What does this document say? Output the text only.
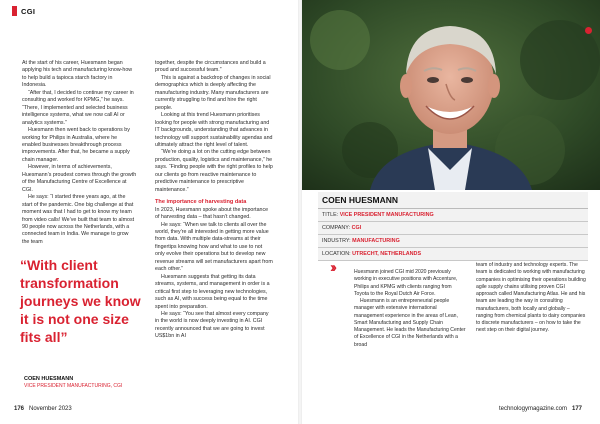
CGI

At the start of his career, Huesmann began applying his tech and manufacturing know-how to help build a tapioca starch factory in Indonesia.

“After that, I decided to continue my career in consulting and worked for KPMG,” he says. “There, I implemented and selected business intelligence systems, what we now call AI or analytics systems.”

Huesmann then went back to operations by working for Philips in Australia, where he enabled businesses breakthrough process improvements. After that, he became a supply chain manager.

However, in terms of achievements, Huesmann’s proudest comes through the growth of the Manufacturing Centre of Excellence at CGI.

He says: “I started three years ago, at the start of the pandemic. One big challenge at that moment was that I had to get to know my team from video calls! We’ve built that team to almost 90 people now across the Netherlands, with a connected team in India. We manage to grow the team

together, despite the circumstances and build a proud and successful team.”

This is against a backdrop of changes in social demographics which is deeply affecting the manufacturing industry. Many manufacturers are currently struggling to find and hire the right people.

Looking at this trend Huesmann prioritises looking for people with strong manufacturing and IT backgrounds, understanding that advances in technology will support sustainability agendas and ultimately attract the right level of talent.

“We’re doing a lot on the cutting edge between production, quality, logistics and maintenance,” he says. “Finding people with the right profiles to help our clients go from reactive maintenance to predictive maintenance to prescriptive maintenance.”

The importance of harvesting data

In 2023, Huesmann spoke about the importance of harvesting data – that hasn’t changed.

He says: “When we talk to clients all over the world, they’re all interested in getting more value from data. With multiple data-streams at their fingertips knowing how and what to use to not only evolve their operations but to develop new revenue streams will set manufacturers apart from each other.”

Huesmann suggests that getting its data streams, systems, and management in order is a critical first step to leveraging new technologies, such as AI, with success being equal to the time spent into preparation.

He says: “You see that almost every company in the world is now deeply investing in AI. CGI recently announced that we are going to invest US$1bn in AI

“With client transformation journeys we know it is not one size fits all”
COEN HUESMANN
VICE PRESIDENT MANUFACTURING, CGI
176 November 2023
COEN HUESMANN
TITLE: VICE PRESIDENT MANUFACTURING
COMPANY: CGI
INDUSTRY: MANUFACTURING
LOCATION: UTRECHT, NETHERLANDS
››	Huesmann joined CGI mid 2020 previously working in executive positions with Accenture, Philips and KPMG with clients ranging from Toyota to the Royal Dutch Air Force.

Huesmann is an entrepreneurial people manager with extensive international management experience in the areas of Lean, Smart Manufacturing and Supply Chain Management. He leads the Manufacturing Center of Excellence of CGI in the Netherlands with a broad

team of industry and technology experts. The team is dedicated to working with manufacturing companies in optimising their operations building agile supply chains utilising proven CGI approach called Manufacturing Atlas. He and his team are leading the way in consulting manufacturers, both locally and globally – ranging from chemical plants to dairy companies to discrete manufacturers – on how to take the next step on their digital journey.

technologymagazine.com 177
